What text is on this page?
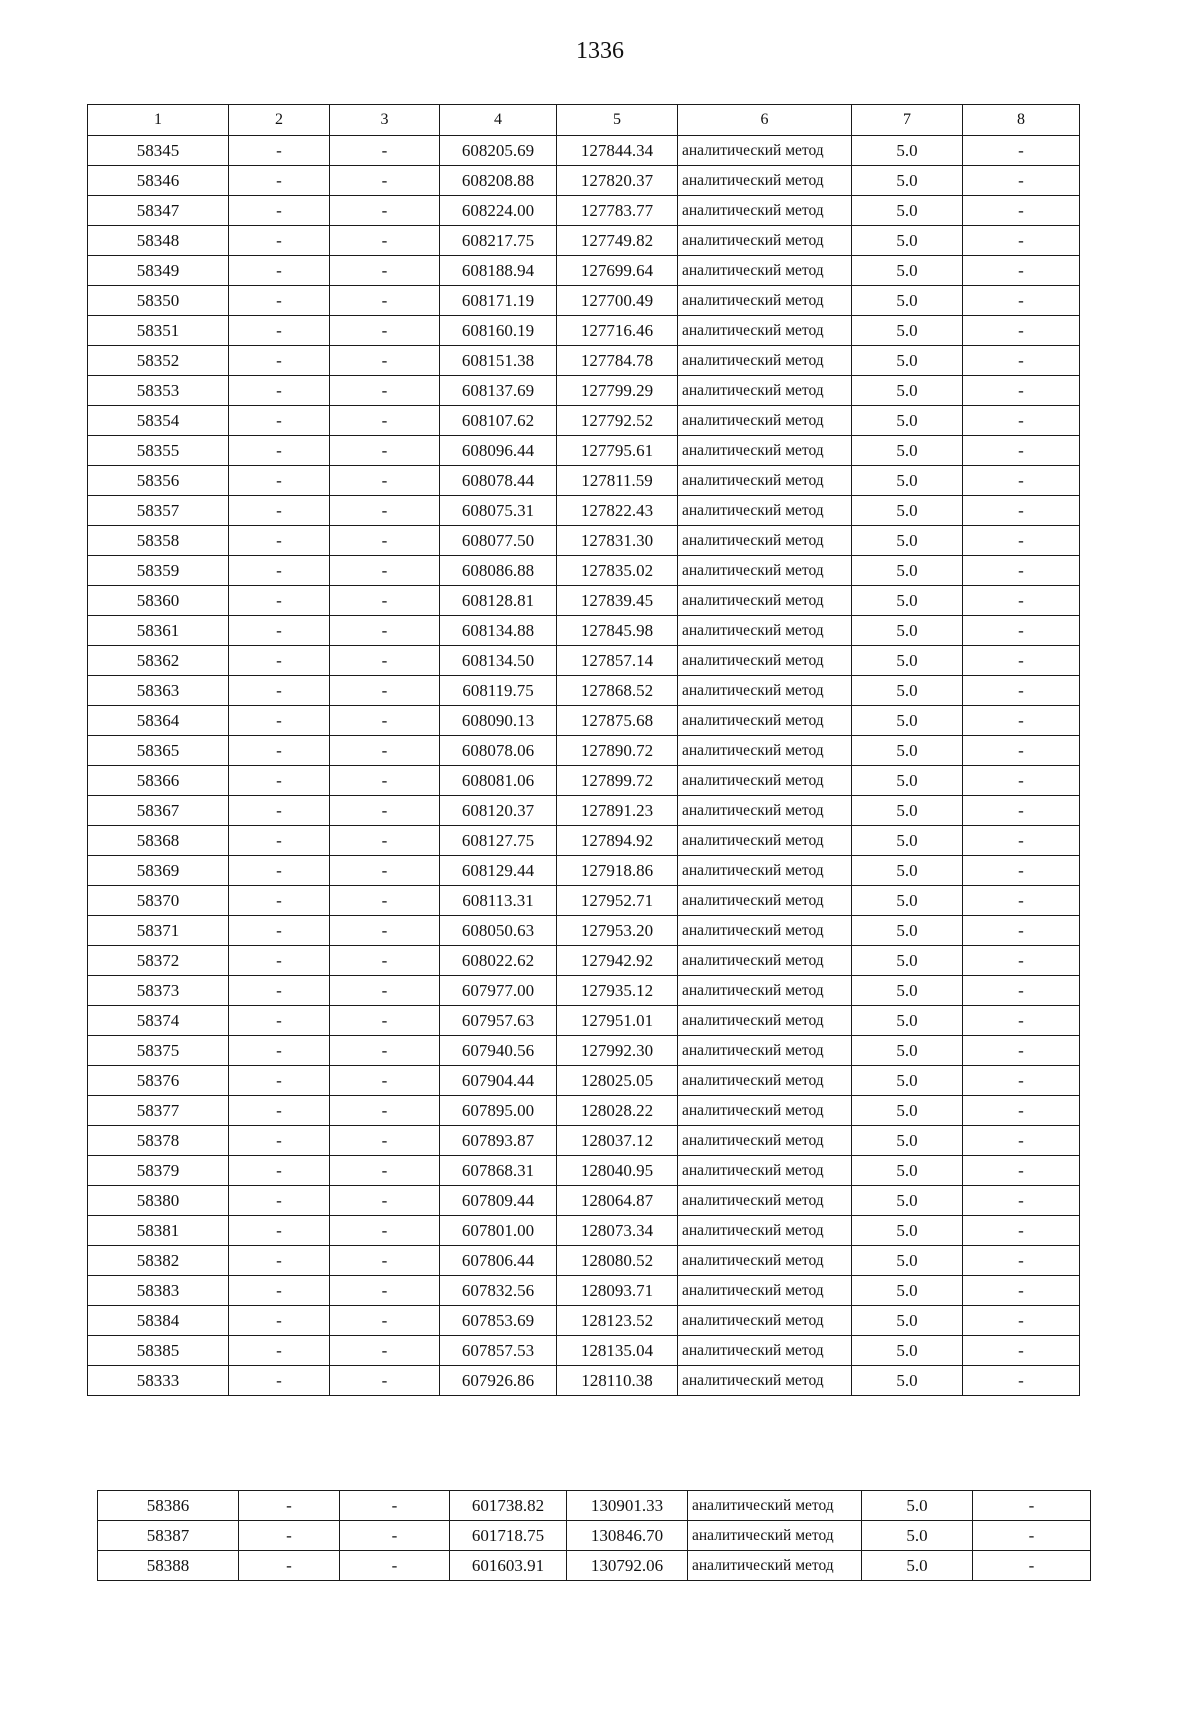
1336
1	2	3	4	5	6	7	8
58345	-	-	608205.69	127844.34	аналитический метод	5.0	-
58346	-	-	608208.88	127820.37	аналитический метод	5.0	-
58347	-	-	608224.00	127783.77	аналитический метод	5.0	-
58348	-	-	608217.75	127749.82	аналитический метод	5.0	-
58349	-	-	608188.94	127699.64	аналитический метод	5.0	-
58350	-	-	608171.19	127700.49	аналитический метод	5.0	-
58351	-	-	608160.19	127716.46	аналитический метод	5.0	-
58352	-	-	608151.38	127784.78	аналитический метод	5.0	-
58353	-	-	608137.69	127799.29	аналитический метод	5.0	-
58354	-	-	608107.62	127792.52	аналитический метод	5.0	-
58355	-	-	608096.44	127795.61	аналитический метод	5.0	-
58356	-	-	608078.44	127811.59	аналитический метод	5.0	-
58357	-	-	608075.31	127822.43	аналитический метод	5.0	-
58358	-	-	608077.50	127831.30	аналитический метод	5.0	-
58359	-	-	608086.88	127835.02	аналитический метод	5.0	-
58360	-	-	608128.81	127839.45	аналитический метод	5.0	-
58361	-	-	608134.88	127845.98	аналитический метод	5.0	-
58362	-	-	608134.50	127857.14	аналитический метод	5.0	-
58363	-	-	608119.75	127868.52	аналитический метод	5.0	-
58364	-	-	608090.13	127875.68	аналитический метод	5.0	-
58365	-	-	608078.06	127890.72	аналитический метод	5.0	-
58366	-	-	608081.06	127899.72	аналитический метод	5.0	-
58367	-	-	608120.37	127891.23	аналитический метод	5.0	-
58368	-	-	608127.75	127894.92	аналитический метод	5.0	-
58369	-	-	608129.44	127918.86	аналитический метод	5.0	-
58370	-	-	608113.31	127952.71	аналитический метод	5.0	-
58371	-	-	608050.63	127953.20	аналитический метод	5.0	-
58372	-	-	608022.62	127942.92	аналитический метод	5.0	-
58373	-	-	607977.00	127935.12	аналитический метод	5.0	-
58374	-	-	607957.63	127951.01	аналитический метод	5.0	-
58375	-	-	607940.56	127992.30	аналитический метод	5.0	-
58376	-	-	607904.44	128025.05	аналитический метод	5.0	-
58377	-	-	607895.00	128028.22	аналитический метод	5.0	-
58378	-	-	607893.87	128037.12	аналитический метод	5.0	-
58379	-	-	607868.31	128040.95	аналитический метод	5.0	-
58380	-	-	607809.44	128064.87	аналитический метод	5.0	-
58381	-	-	607801.00	128073.34	аналитический метод	5.0	-
58382	-	-	607806.44	128080.52	аналитический метод	5.0	-
58383	-	-	607832.56	128093.71	аналитический метод	5.0	-
58384	-	-	607853.69	128123.52	аналитический метод	5.0	-
58385	-	-	607857.53	128135.04	аналитический метод	5.0	-
58333	-	-	607926.86	128110.38	аналитический метод	5.0	-
58386	-	-	601738.82	130901.33	аналитический метод	5.0	-
58387	-	-	601718.75	130846.70	аналитический метод	5.0	-
58388	-	-	601603.91	130792.06	аналитический метод	5.0	-
